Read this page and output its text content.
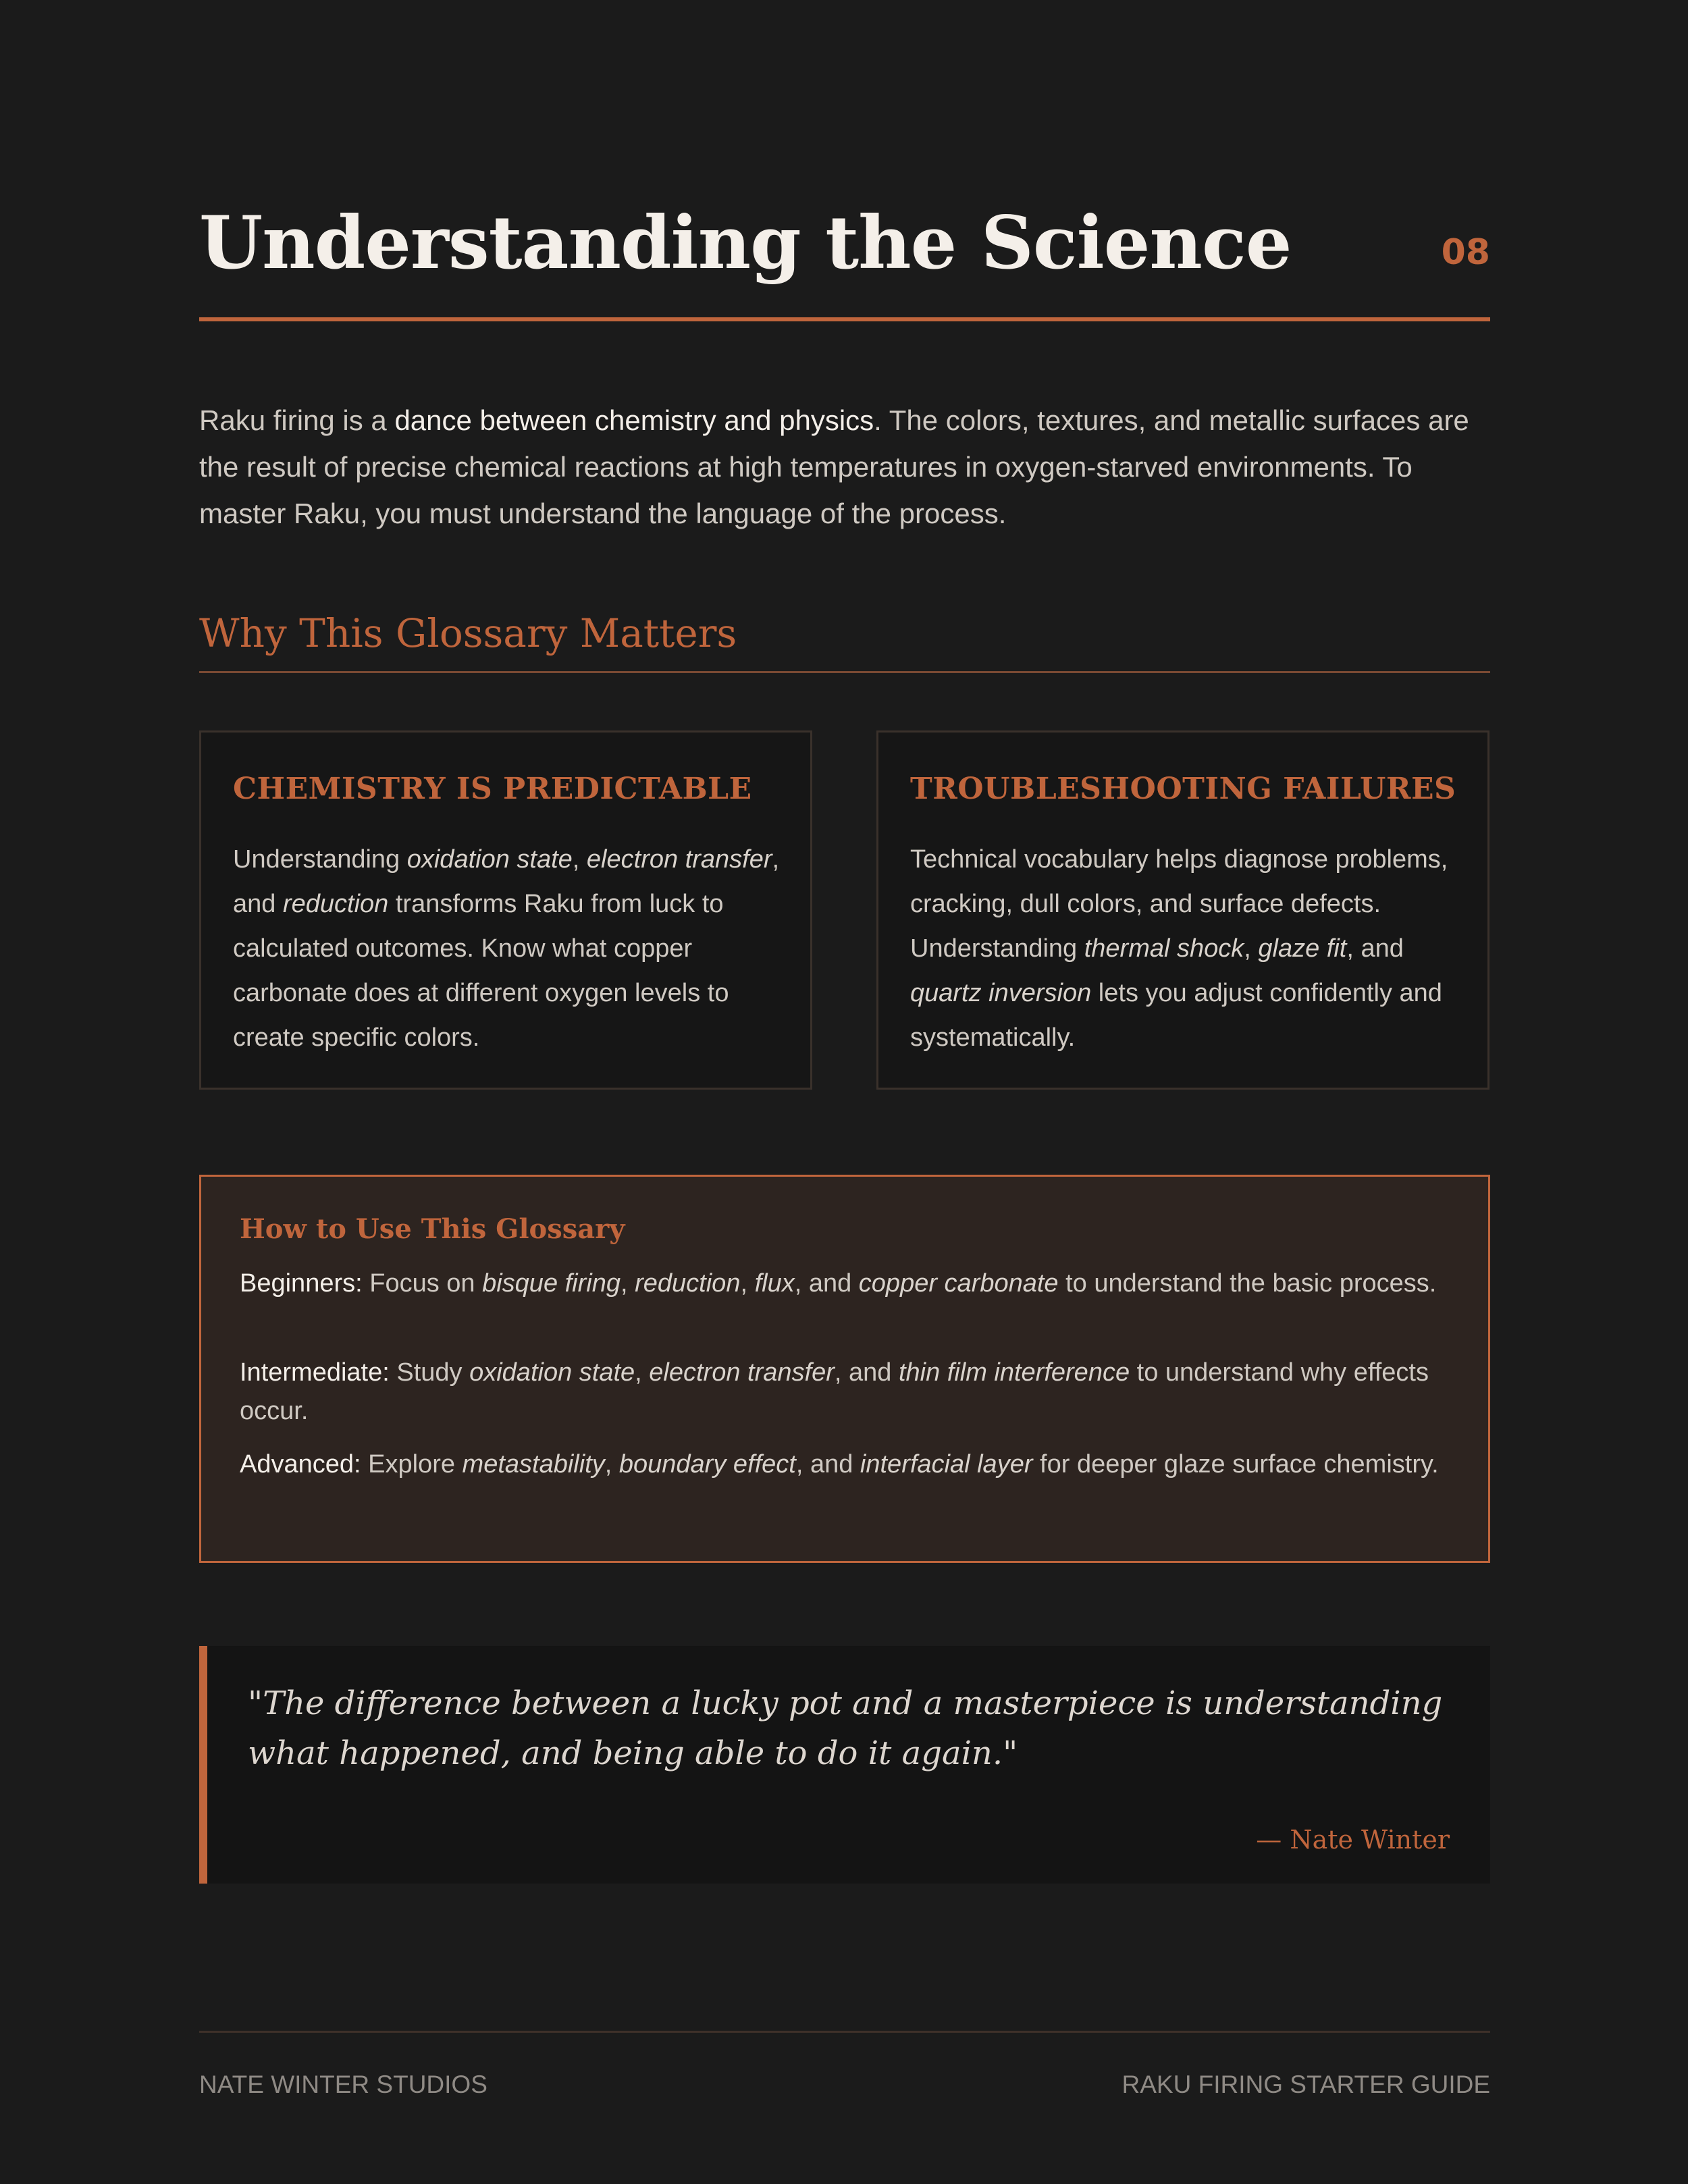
Understanding the Science	08

Raku firing is a dance between chemistry and physics. The colors, textures, and metallic surfaces are the result of precise chemical reactions at high temperatures in oxygen-starved environments. To master Raku, you must understand the language of the process.

Why This Glossary Matters
CHEMISTRY IS PREDICTABLE

Understanding oxidation state, electron transfer, and reduction transforms Raku from luck to calculated outcomes. Know what copper carbonate does at different oxygen levels to create specific colors.

TROUBLESHOOTING FAILURES

Technical vocabulary helps diagnose problems, cracking, dull colors, and surface defects. Understanding thermal shock, glaze fit, and quartz inversion lets you adjust confidently and systematically.

How to Use This Glossary

Beginners: Focus on bisque firing, reduction, flux, and copper carbonate to understand the basic process.

Intermediate: Study oxidation state, electron transfer, and thin film interference to understand why effects occur.

Advanced: Explore metastability, boundary effect, and interfacial layer for deeper glaze surface chemistry.

"The difference between a lucky pot and a masterpiece is understanding what happened, and being able to do it again."

— Nate Winter
NATE WINTER STUDIOS	RAKU FIRING STARTER GUIDE
